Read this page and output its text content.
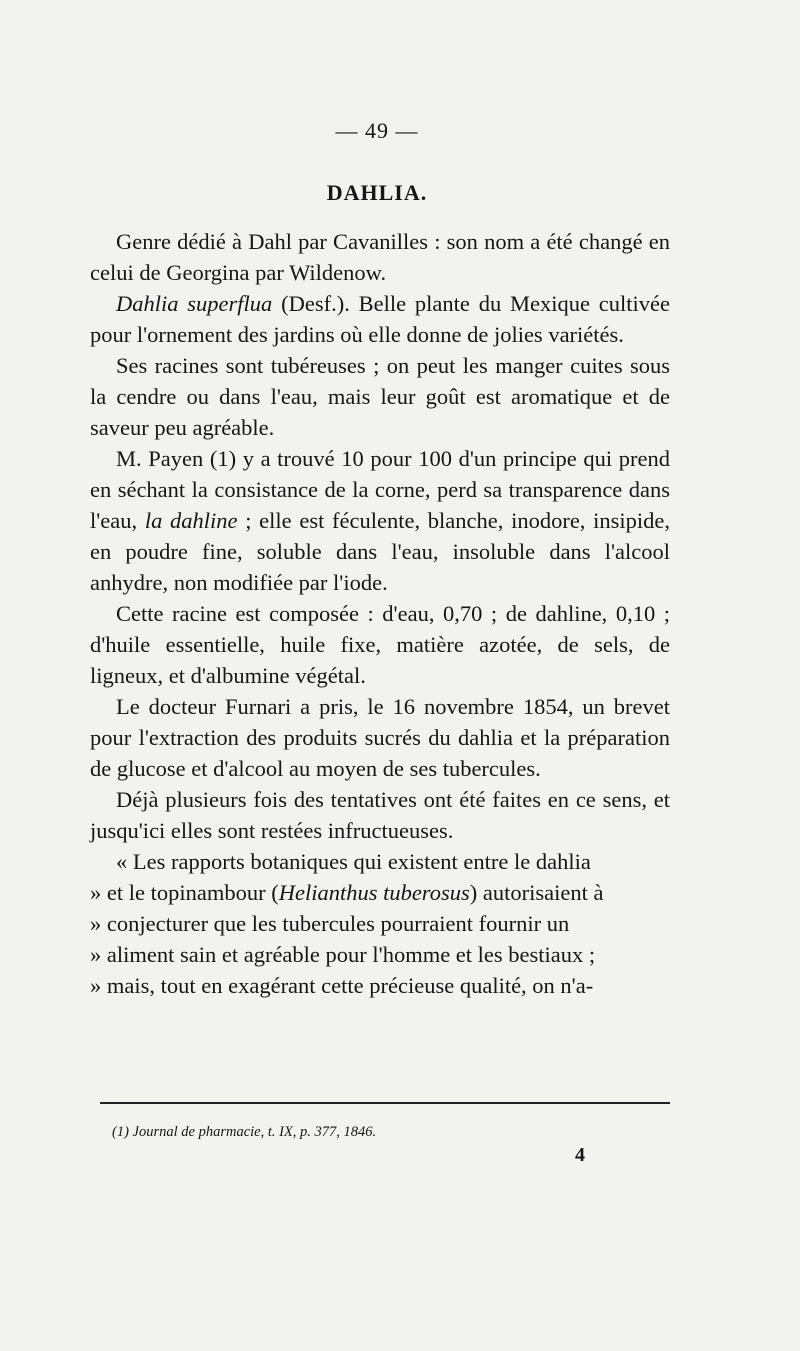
— 49 —
DAHLIA.

Genre dédié à Dahl par Cavanilles : son nom a été changé en celui de Georgina par Wildenow.

Dahlia superflua (Desf.). Belle plante du Mexique cultivée pour l'ornement des jardins où elle donne de jolies variétés.

Ses racines sont tubéreuses ; on peut les manger cuites sous la cendre ou dans l'eau, mais leur goût est aromatique et de saveur peu agréable.

M. Payen (1) y a trouvé 10 pour 100 d'un principe qui prend en séchant la consistance de la corne, perd sa transparence dans l'eau, la dahline ; elle est féculente, blanche, inodore, insipide, en poudre fine, soluble dans l'eau, insoluble dans l'alcool anhydre, non modifiée par l'iode.

Cette racine est composée : d'eau, 0,70 ; de dahline, 0,10 ; d'huile essentielle, huile fixe, matière azotée, de sels, de ligneux, et d'albumine végétal.

Le docteur Furnari a pris, le 16 novembre 1854, un brevet pour l'extraction des produits sucrés du dahlia et la préparation de glucose et d'alcool au moyen de ses tubercules.

Déjà plusieurs fois des tentatives ont été faites en ce sens, et jusqu'ici elles sont restées infructueuses.

« Les rapports botaniques qui existent entre le dahlia

» et le topinambour (Helianthus tuberosus) autorisaient à

» conjecturer que les tubercules pourraient fournir un

» aliment sain et agréable pour l'homme et les bestiaux ;

» mais, tout en exagérant cette précieuse qualité, on n'a-

(1) Journal de pharmacie, t. IX, p. 377, 1846.
4
